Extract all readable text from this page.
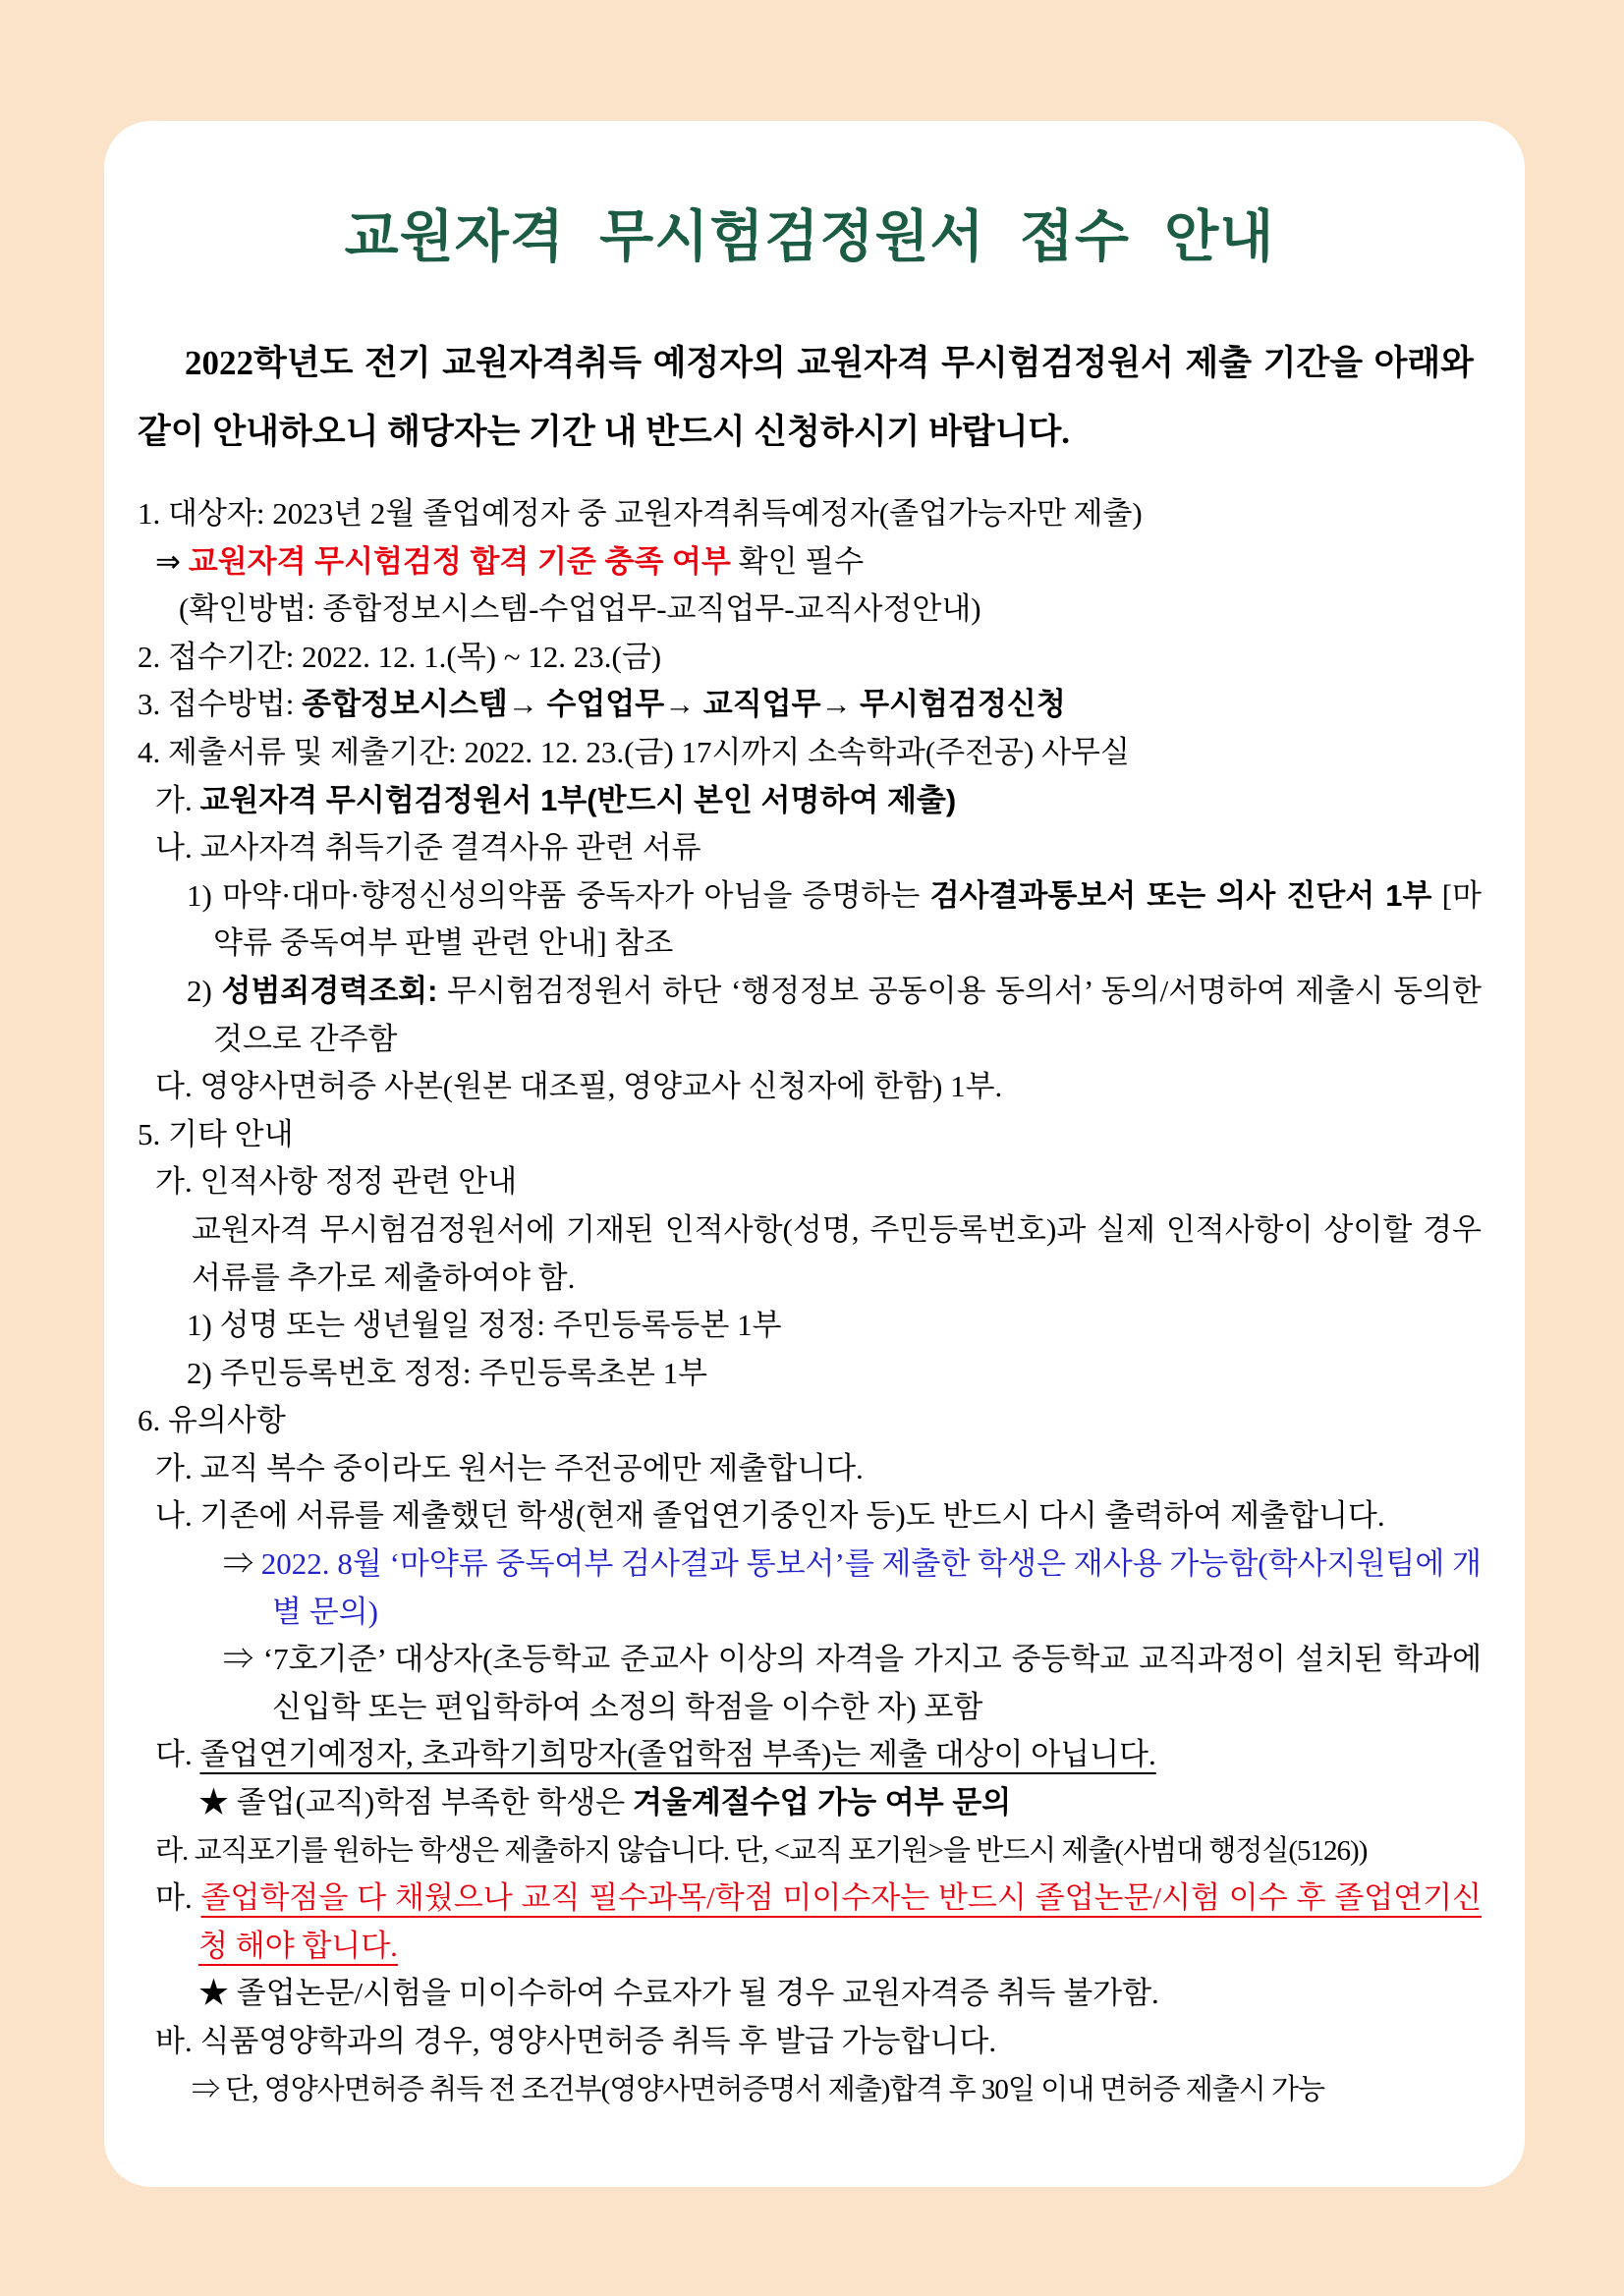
교원자격 무시험검정원서 접수 안내

2022학년도 전기 교원자격취득 예정자의 교원자격 무시험검정원서 제출 기간을 아래와 같이 안내하오니 해당자는 기간 내 반드시 신청하시기 바랍니다.

1. 대상자: 2023년 2월 졸업예정자 중 교원자격취득예정자(졸업가능자만 제출)
⇒ 교원자격 무시험검정 합격 기준 충족 여부 확인 필수
(확인방법: 종합정보시스템-수업업무-교직업무-교직사정안내)
2. 접수기간: 2022. 12. 1.(목) ~ 12. 23.(금)
3. 접수방법: 종합정보시스템→ 수업업무→ 교직업무→ 무시험검정신청
4. 제출서류 및 제출기간: 2022. 12. 23.(금) 17시까지 소속학과(주전공) 사무실
가. 교원자격 무시험검정원서 1부(반드시 본인 서명하여 제출)
나. 교사자격 취득기준 결격사유 관련 서류
1) 마약·대마·향정신성의약품 중독자가 아님을 증명하는 검사결과통보서 또는 의사 진단서 1부 [마약류 중독여부 판별 관련 안내] 참조
2) 성범죄경력조회: 무시험검정원서 하단 ‘행정정보 공동이용 동의서’ 동의/서명하여 제출시 동의한 것으로 간주함
다. 영양사면허증 사본(원본 대조필, 영양교사 신청자에 한함) 1부.
5. 기타 안내
가. 인적사항 정정 관련 안내
교원자격 무시험검정원서에 기재된 인적사항(성명, 주민등록번호)과 실제 인적사항이 상이할 경우 서류를 추가로 제출하여야 함.
1) 성명 또는 생년월일 정정: 주민등록등본 1부
2) 주민등록번호 정정: 주민등록초본 1부
6. 유의사항
가. 교직 복수 중이라도 원서는 주전공에만 제출합니다.
나. 기존에 서류를 제출했던 학생(현재 졸업연기중인자 등)도 반드시 다시 출력하여 제출합니다.
⇒ 2022. 8월 ‘마약류 중독여부 검사결과 통보서’를 제출한 학생은 재사용 가능함(학사지원팀에 개별 문의)
⇒ ‘7호기준’ 대상자(초등학교 준교사 이상의 자격을 가지고 중등학교 교직과정이 설치된 학과에 신입학 또는 편입학하여 소정의 학점을 이수한 자) 포함
다. 졸업연기예정자, 초과학기희망자(졸업학점 부족)는 제출 대상이 아닙니다.
★ 졸업(교직)학점 부족한 학생은 겨울계절수업 가능 여부 문의
라. 교직포기를 원하는 학생은 제출하지 않습니다. 단, <교직 포기원>을 반드시 제출(사범대 행정실(5126))
마. 졸업학점을 다 채웠으나 교직 필수과목/학점 미이수자는 반드시 졸업논문/시험 이수 후 졸업연기신청 해야 합니다.
★ 졸업논문/시험을 미이수하여 수료자가 될 경우 교원자격증 취득 불가함.
바. 식품영양학과의 경우, 영양사면허증 취득 후 발급 가능합니다.
⇒ 단, 영양사면허증 취득 전 조건부(영양사면허증명서 제출)합격 후 30일 이내 면허증 제출시 가능
